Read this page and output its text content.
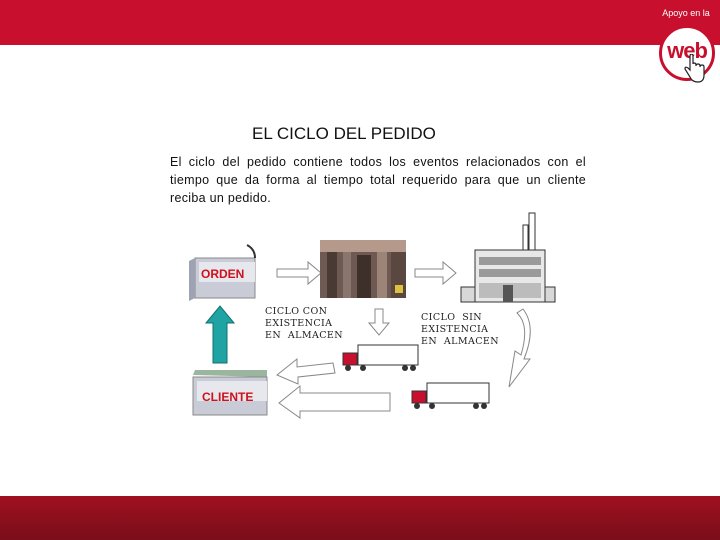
Apoyo en la
web
EL CICLO DEL PEDIDO
El ciclo del pedido contiene todos los eventos relacionados con el tiempo que da forma al tiempo total requerido para que un cliente reciba un pedido.
ORDEN
CLIENTE
CICLO CON
EXISTENCIA
EN  ALMACEN
CICLO  SIN
EXISTENCIA
EN  ALMACEN
